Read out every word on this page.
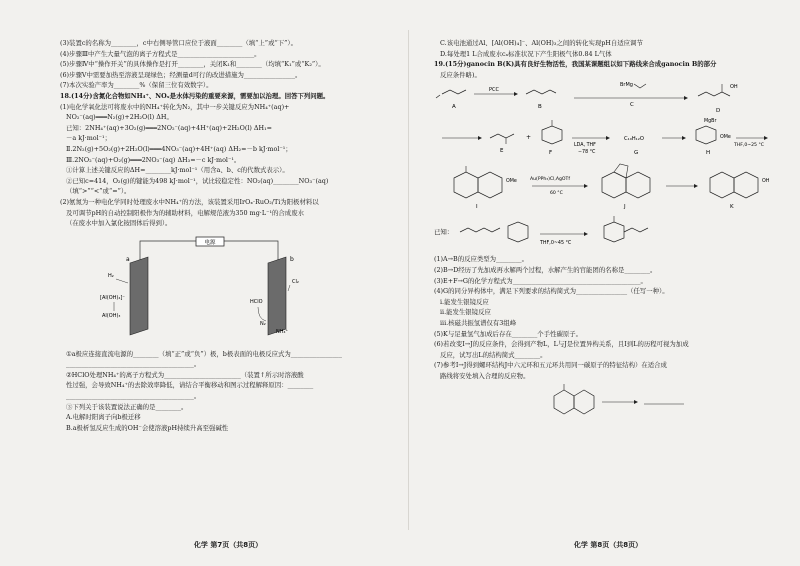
(3)装置c的名称为________，c中右侧导管口应位于液面________（填“上”或“下”）。
(4)步骤Ⅲ中产生大量气泡的离子方程式是________________________。
(5)步骤Ⅳ中“操作开关”的具体操作是打开________，关闭K₁和________（均填“K₁”或“K₂”）。
(6)步骤Ⅴ中需要加热至溶液呈现绿色；经测量d可行的改进措施为________________。
(7)本次实验产率为________%（保留三位有效数字）。
18.(14分)含氮化合物如NH₄⁺、NOₓ是水体污染的重要来源，需要加以治理。回答下列问题。
(1)电化学氧化法可将废水中的NH₄⁺转化为N₂，其中一步关键反应为NH₄⁺(aq)+
NO₂⁻(aq)═══N₂(g)+2H₂O(l) ΔH。
已知：2NH₄⁺(aq)+3O₂(g)═══2NO₂⁻(aq)+4H⁺(aq)+2H₂O(l) ΔH₁=
－a kJ·mol⁻¹；
Ⅱ.2N₂(g)+5O₂(g)+2H₂O(l)═══4NO₃⁻(aq)+4H⁺(aq) ΔH₂=－b kJ·mol⁻¹；
Ⅲ.2NO₂⁻(aq)+O₂(g)═══2NO₃⁻(aq) ΔH₃=－c kJ·mol⁻¹。
①计算上述关键反应的ΔH=________kJ·mol⁻¹（用含a、b、c的代数式表示）。
②已知c=414，O₂(g)的键能为498 kJ·mol⁻¹，试比较稳定性：NO₂(aq)________NO₃⁻(aq)
（填“>”“<”或“=”）。
(2)氨氮为一种电化学同时处理废水中NH₄⁺的方法，该装置采用IrOₓ·RuO₂/Ti为阳极材料以
及可调节pH的自动控制阳极作为的辅助材料，电解规范液为350 mg·L⁻¹的合成废水
（在废水中加入氯化铵固体后得到）。
电源
a	b
H₂
[Al(OH)₄]⁻
Al(OH)₃
Cl₂
HClO
N₂
NH₄⁺
①a极应连接直流电源的________（填“正”或“负”）极，b极表面的电极反应式为________________
________________________________________。
②HClO处理NH₄⁺的离子方程式为________________________（装置↑所示时溶液酸
性过强，会导致NH₄⁺的去除效率降低，请结合平衡移动和图示过程解释原因：________
________________________________________。
③下列关于该装置说法正确的是________。
A.电解时阳离子向b极迁移
B.a极析氢反应生成的OH⁻会使溶液pH持续升高至强碱性
化学 第7页（共8页）
C.该电池通过Al、[Al(OH)₄]⁻、Al(OH)₃之间的转化实现pH自适应调节
D.每处理1 L合成废水cₐ标准状况下产生阳极气体0.84 L气体
19.(15分)ganocin B(K)具有良好生物活性，我国某课题组以如下路线来合成ganocin B的部分
反应条件略)。
A
PCC
B
BrMg
C
OH
D
E
+
F
LDA, THF
−78 °C
C₁₀H₁₂O
G
MgBr
OMe
H
THF,0~25 °C
OMe
I
Au(PPh₃)Cl,AgOTf
60 °C
J
OH
K
已知：
THF,0~45 °C
(1)A→B的反应类型为________。
(2)B→D经历了先加成再水解两个过程，水解产生的官能团的名称是________。
(3)E+F→G的化学方程式为________________________________________。
(4)G的同分异构体中，满足下列要求的结构简式为________________（任写一种）。
i.能发生银镜反应
ii.能发生银镜反应
iii.核磁共振氢谱仅有3组峰
(5)K与足量氢气加成后存在________个手性碳原子。
(6)若改变I→J的反应条件，会得到产物L，L与J是位置异构关系，且I到L的历程可视为加成
反应，试写出L的结构简式________。
(7)参考I→J得到螺环结构J中六元环和五元环共用同一碳原子的特征结构）在适合成
路线将安处填入合理的反应物。
化学 第8页（共8页）
